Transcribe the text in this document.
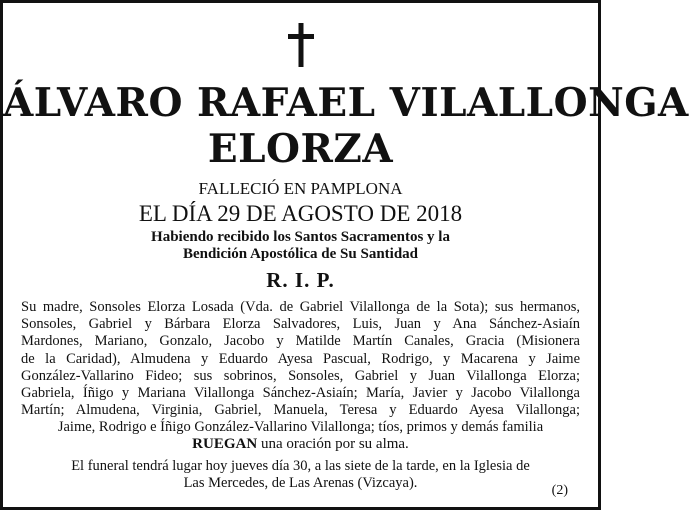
ÁLVARO RAFAEL VILALLONGA
ELORZA
FALLECIÓ EN PAMPLONA
EL DÍA 29 DE AGOSTO DE 2018
Habiendo recibido los Santos Sacramentos y la
Bendición Apostólica de Su Santidad
R. I. P.
Su madre, Sonsoles Elorza Losada (Vda. de Gabriel Vilallonga de la Sota); sus hermanos,
Sonsoles, Gabriel y Bárbara Elorza Salvadores, Luis, Juan y Ana Sánchez-Asiaín
Mardones, Mariano, Gonzalo, Jacobo y Matilde Martín Canales, Gracia (Misionera
de la Caridad), Almudena y Eduardo Ayesa Pascual, Rodrigo, y Macarena y Jaime
González-Vallarino Fideo; sus sobrinos, Sonsoles, Gabriel y Juan Vilallonga Elorza;
Gabriela, Íñigo y Mariana Vilallonga Sánchez-Asiaín; María, Javier y Jacobo Vilallonga
Martín; Almudena, Virginia, Gabriel, Manuela, Teresa y Eduardo Ayesa Vilallonga;
Jaime, Rodrigo e Íñigo González-Vallarino Vilallonga; tíos, primos y demás familia
RUEGAN una oración por su alma.
El funeral tendrá lugar hoy jueves día 30, a las siete de la tarde, en la Iglesia de
Las Mercedes, de Las Arenas (Vizcaya).	(2)
